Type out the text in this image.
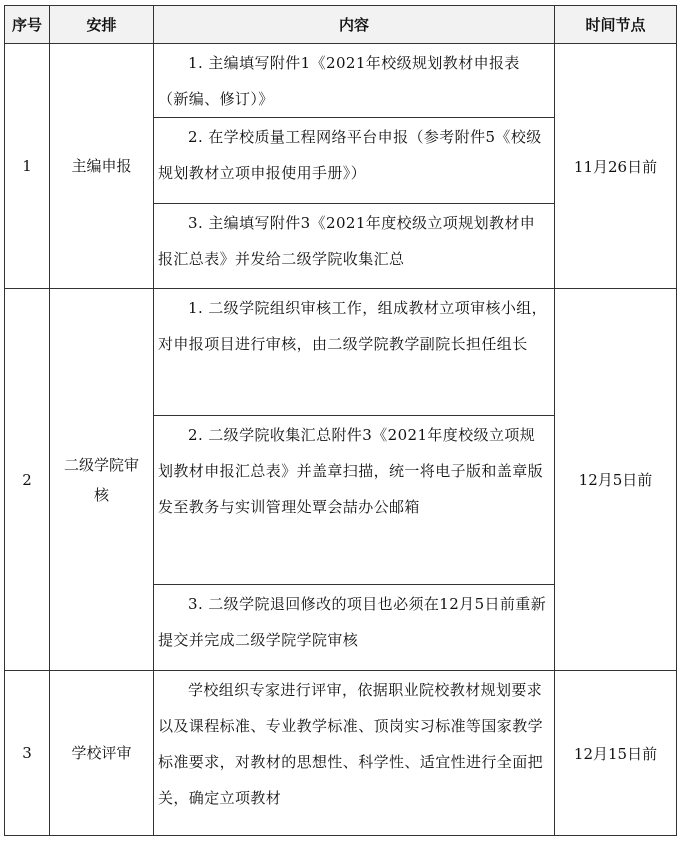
序号	安排	内容	时间节点
1	主编申报	1. 主编填写附件1《2021年校级规划教材申报表（新编、修订）》	11月26日前
		2. 在学校质量工程网络平台申报（参考附件5《校级规划教材立项申报使用手册》）	
		3. 主编填写附件3《2021年度校级立项规划教材申报汇总表》并发给二级学院收集汇总	
2	二级学院审核	1. 二级学院组织审核工作，组成教材立项审核小组，对申报项目进行审核，由二级学院教学副院长担任组长	12月5日前
		2. 二级学院收集汇总附件3《2021年度校级立项规划教材申报汇总表》并盖章扫描，统一将电子版和盖章版发至教务与实训管理处覃会喆办公邮箱	
		3. 二级学院退回修改的项目也必须在12月5日前重新提交并完成二级学院学院审核	
3	学校评审	学校组织专家进行评审，依据职业院校教材规划要求以及课程标准、专业教学标准、顶岗实习标准等国家教学标准要求，对教材的思想性、科学性、适宜性进行全面把关，确定立项教材	12月15日前
